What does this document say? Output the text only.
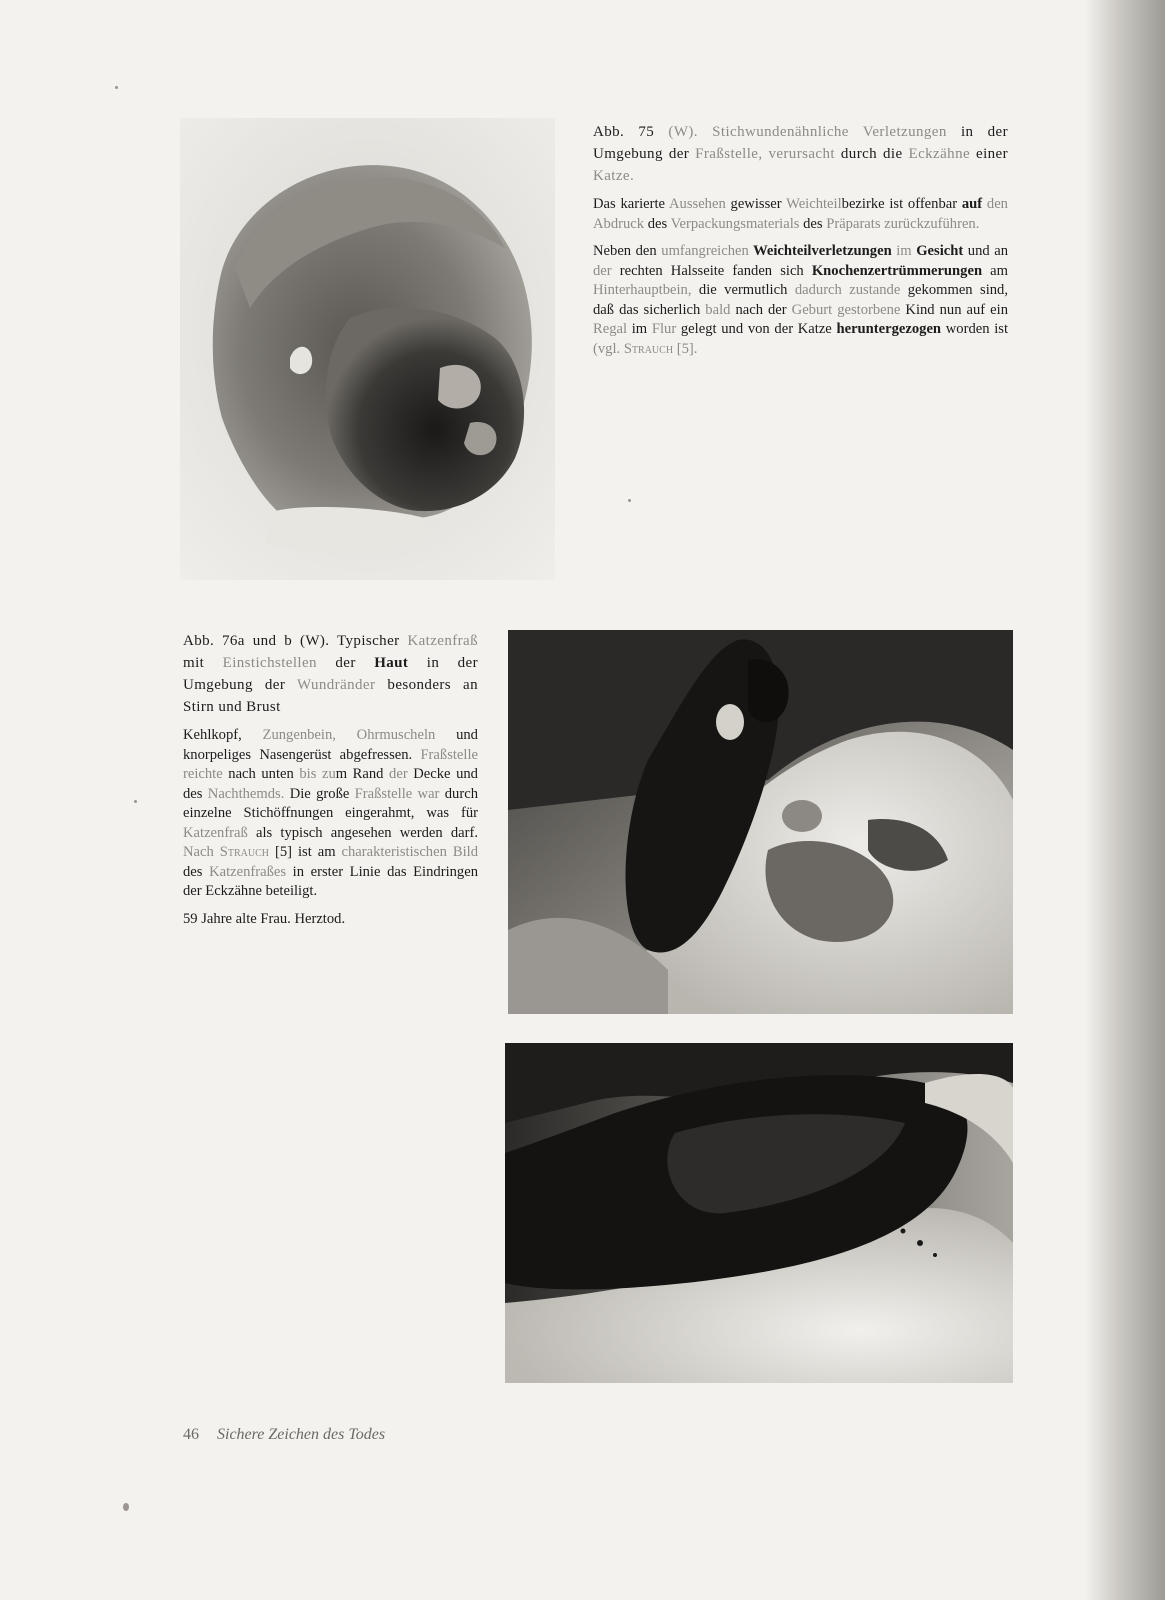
Abb. 75 (W). Stichwundenähnliche Verletzungen in der Umgebung der Fraßstelle, verursacht durch die Eckzähne einer Katze.

Das karierte Aussehen gewisser Weichteilbezirke ist offenbar auf den Abdruck des Verpackungsmaterials des Präparats zurückzuführen.

Neben den umfangreichen Weichteilverletzungen im Gesicht und an der rechten Halsseite fanden sich Knochenzertrümmerungen am Hinterhauptbein, die vermutlich dadurch zustande gekommen sind, daß das sicherlich bald nach der Geburt gestorbene Kind nun auf ein Regal im Flur gelegt und von der Katze heruntergezogen worden ist (vgl. Strauch [5].

Abb. 76a und b (W). Typischer Katzenfraß mit Einstichstellen der Haut in der Umgebung der Wundränder besonders an Stirn und Brust

Kehlkopf, Zungenbein, Ohrmuscheln und knorpeliges Nasengerüst abgefressen. Fraßstelle reichte nach unten bis zum Rand der Decke und des Nachthemds. Die große Fraßstelle war durch einzelne Stichöffnungen eingerahmt, was für Katzenfraß als typisch angesehen werden darf. Nach Strauch [5] ist am charakteristischen Bild des Katzenfraßes in erster Linie das Eindringen der Eckzähne beteiligt.

59 Jahre alte Frau. Herztod.

46 Sichere Zeichen des Todes
